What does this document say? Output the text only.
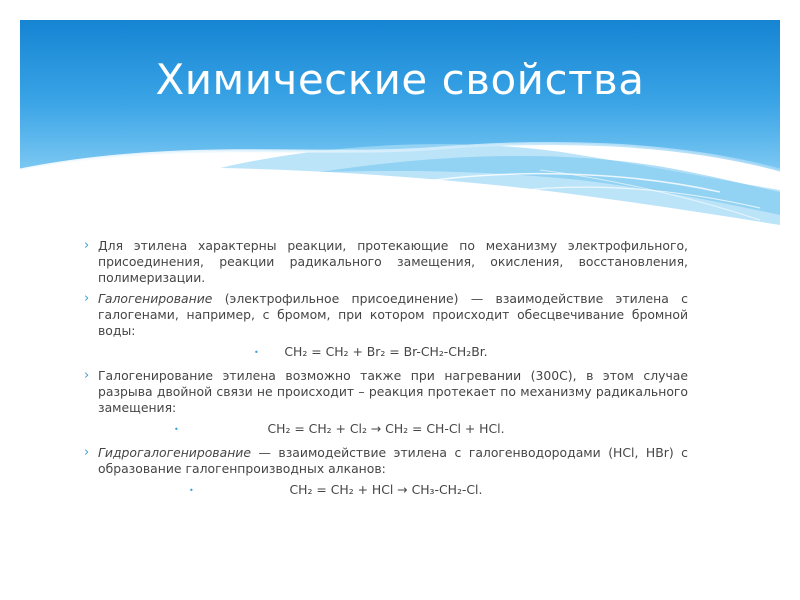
Химические свойства

› Для этилена характерны реакции, протекающие по механизму электрофильного, присоединения, реакции радикального замещения, окисления, восстановления, полимеризации.

› Галогенирование (электрофильное присоединение) — взаимодействие этилена с галогенами, например, с бромом, при котором происходит обесцвечивание бромной воды:

• CH₂ = CH₂ + Br₂ = Br-CH₂-CH₂Br.

› Галогенирование этилена возможно также при нагревании (300С), в этом случае разрыва двойной связи не происходит – реакция протекает по механизму радикального замещения:

•	CH₂ = CH₂ + Cl₂ → CH₂ = CH-Cl + HCl.

› Гидрогалогенирование — взаимодействие этилена с галогенводородами (HCl, HBr) с образование галогенпроизводных алканов:

•	CH₂ = CH₂ + HCl → CH₃-CH₂-Cl.
